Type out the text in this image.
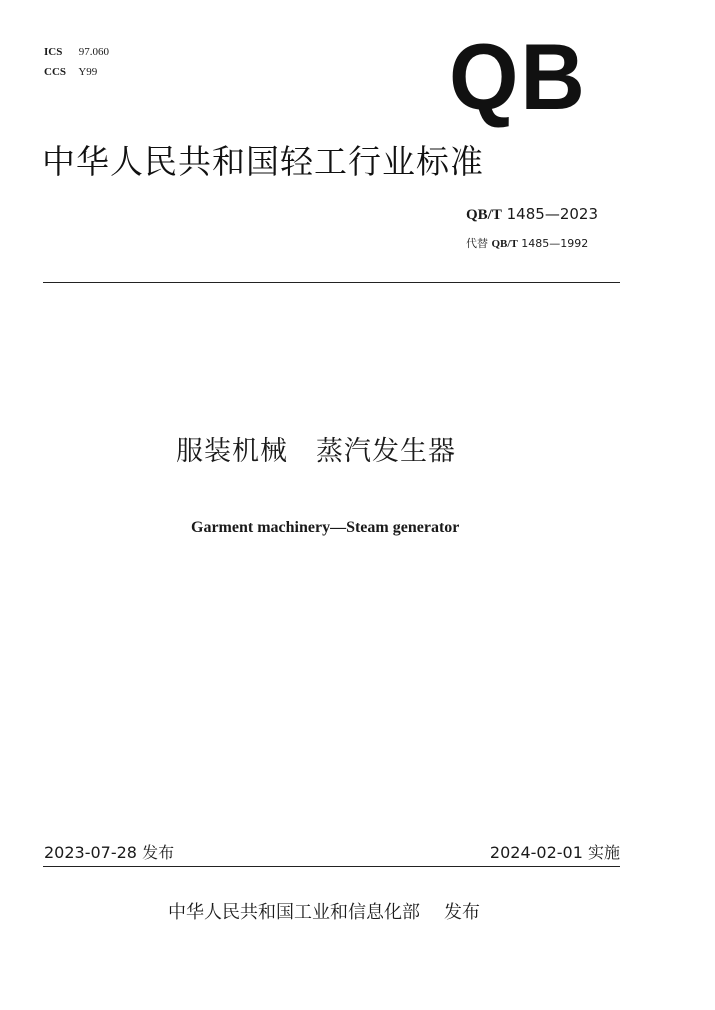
ICS 97.060
CCS Y99	QB
中华人民共和国轻工行业标准
QB/T 1485—2023
代替 QB/T 1485—1992
服装机械 蒸汽发生器
Garment machinery—Steam generator
2023-07-28 发布	2024-02-01 实施
中华人民共和国工业和信息化部 发布
